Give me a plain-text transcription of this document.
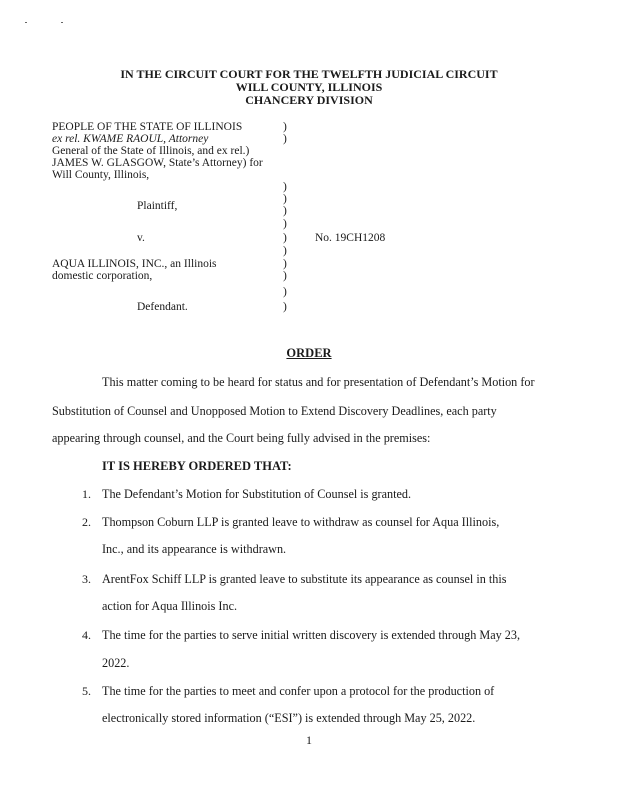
IN THE CIRCUIT COURT FOR THE TWELFTH JUDICIAL CIRCUIT
WILL COUNTY, ILLINOIS
CHANCERY DIVISION
PEOPLE OF THE STATE OF ILLINOIS
ex rel. KWAME RAOUL, Attorney
General of the State of Illinois, and ex rel.)
JAMES W. GLASGOW, State’s Attorney) for
Will County, Illinois,
Plaintiff,
v.
AQUA ILLINOIS, INC., an Illinois
domestic corporation,
Defendant.
)
)
)
)
)
)
)
)
)
)
)
)
No. 19CH1208
ORDER
This matter coming to be heard for status and for presentation of Defendant’s Motion for
Substitution of Counsel and Unopposed Motion to Extend Discovery Deadlines, each party
appearing through counsel, and the Court being fully advised in the premises:
IT IS HEREBY ORDERED THAT:
1. The Defendant’s Motion for Substitution of Counsel is granted.
2. Thompson Coburn LLP is granted leave to withdraw as counsel for Aqua Illinois,
Inc., and its appearance is withdrawn.
3. ArentFox Schiff LLP is granted leave to substitute its appearance as counsel in this
action for Aqua Illinois Inc.
4. The time for the parties to serve initial written discovery is extended through May 23,
2022.
5. The time for the parties to meet and confer upon a protocol for the production of
electronically stored information (“ESI”) is extended through May 25, 2022.
1
